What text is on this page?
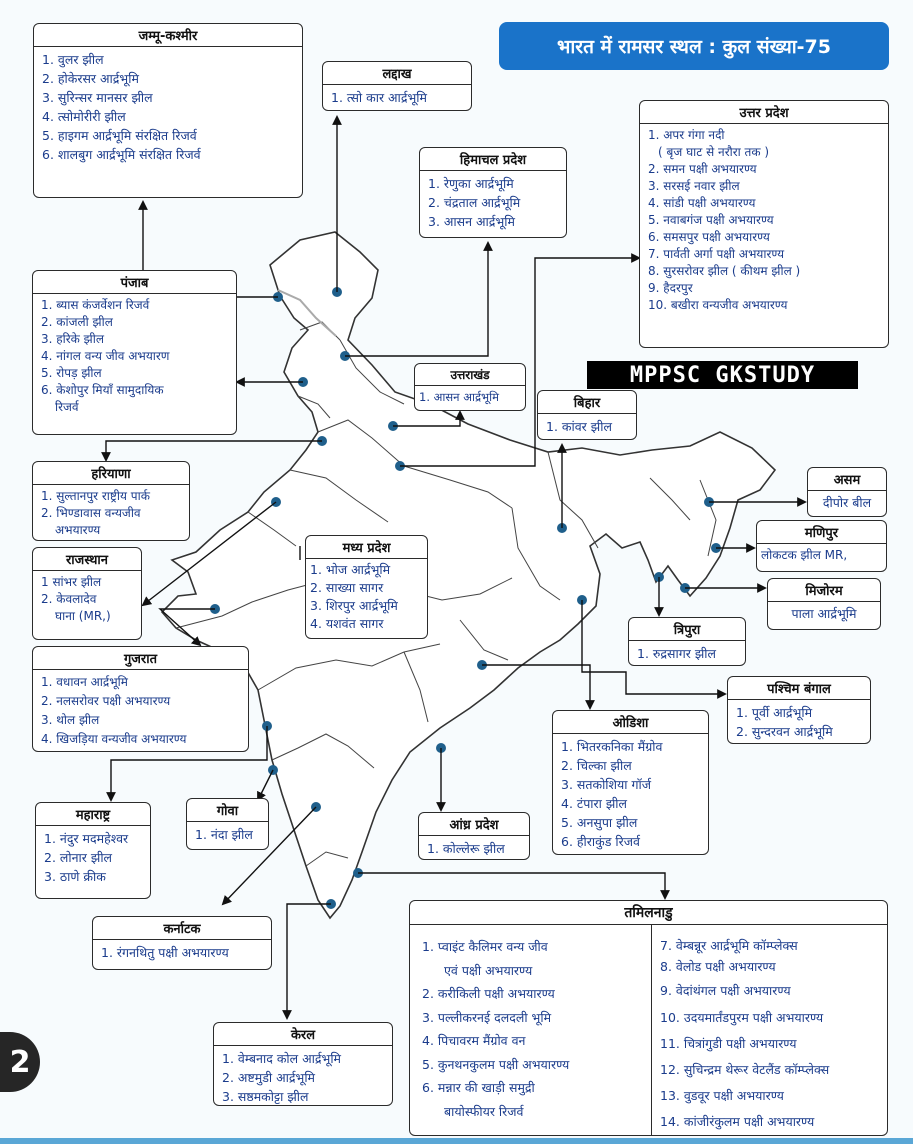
भारत में रामसर स्थल : कुल संख्या-75
MPPSC GKSTUDY
जम्मू-कश्मीर
1. वुलर झील
2. होकेरसर आर्द्रभूमि
3. सुरिन्सर मानसर झील
4. त्सोमोरीरी झील
5. हाइगम आर्द्रभूमि संरक्षित रिजर्व
6. शालबुग आर्द्रभूमि संरक्षित रिजर्व
लद्दाख
1. त्सो कार आर्द्रभूमि
हिमाचल प्रदेश
1. रेणुका आर्द्रभूमि
2. चंद्रताल आर्द्रभूमि
3. आसन आर्द्रभूमि
उत्तर प्रदेश
1. अपर गंगा नदी
( बृज घाट से नरौरा तक )
2. समन पक्षी अभयारण्य
3. सरसई नवार झील
4. सांडी पक्षी अभयारण्य
5. नवाबगंज पक्षी अभयारण्य
6. समसपुर पक्षी अभयारण्य
7. पार्वती अर्गा पक्षी अभयारण्य
8. सुरसरोवर झील ( कीथम झील )
9. हैदरपुर
10. बखीरा वन्यजीव अभयारण्य
पंजाब
1. ब्यास कंजर्वेशन रिजर्व
2. कांजली झील
3. हरिके झील
4. नांगल वन्य जीव अभयारण
5. रोपड़ झील
6. केशोपुर मियाँ सामुदायिक
रिजर्व
उत्तराखंड
1. आसन आर्द्रभूमि	बिहार
1. कांवर झील
हरियाणा
1. सुल्तानपुर राष्ट्रीय पार्क
2. भिण्डावास वन्यजीव
अभयारण्य
असम
दीपोर बील
मणिपुर
लोकटक झील MR,
राजस्थान
1 सांभर झील
2. केवलादेव
घाना (MR,)
मध्य प्रदेश
1. भोज आर्द्रभूमि
2. साख्या सागर
3. शिरपुर आर्द्रभूमि
4. यशवंत सागर
मिजोरम
पाला आर्द्रभूमि
त्रिपुरा
1. रुद्रसागर झील
गुजरात
1. वधावन आर्द्रभूमि
2. नलसरोवर पक्षी अभयारण्य
3. थोल झील
4. खिजड़िया वन्यजीव अभयारण्य
पश्चिम बंगाल
1. पूर्वी आर्द्रभूमि
2. सुन्दरवन आर्द्रभूमि
ओडिशा
1. भितरकनिका मैंग्रोव
2. चिल्का झील
3. सतकोशिया गॉर्ज
4. टंपारा झील
5. अनसुपा झील
6. हीराकुंड रिजर्व
महाराष्ट्र
1. नंदुर मदमहेश्वर
2. लोनार झील
3. ठाणे क्रीक
गोवा
1. नंदा झील
आंध्र प्रदेश
1. कोल्लेरू झील
कर्नाटक
1. रंगनथितु पक्षी अभयारण्य
तमिलनाडु
1. प्वाइंट कैलिमर वन्य जीव
एवं पक्षी अभयारण्य
2. करीकिली पक्षी अभयारण्य
3. पल्लीकरनई दलदली भूमि
4. पिचावरम मैंग्रोव वन
5. कुनथनकुलम पक्षी अभयारण्य
6. मन्नार की खाड़ी समुद्री
बायोस्फीयर रिजर्व
7. वेम्बन्नूर आर्द्रभूमि कॉम्प्लेक्स
8. वेलोड पक्षी अभयारण्य
9. वेदांथंगल पक्षी अभयारण्य
10. उदयमार्तंडपुरम पक्षी अभयारण्य
11. चित्रांगुडी पक्षी अभयारण्य
12. सुचिन्द्रम थेरूर वेटलैंड कॉम्प्लेक्स
13. वुडवूर पक्षी अभयारण्य
14. कांजीरंकुलम पक्षी अभयारण्य
केरल
1. वेम्बनाद कोल आर्द्रभूमि
2. अष्टमुडी आर्द्रभूमि
3. सष्ठमकोट्टा झील
2
